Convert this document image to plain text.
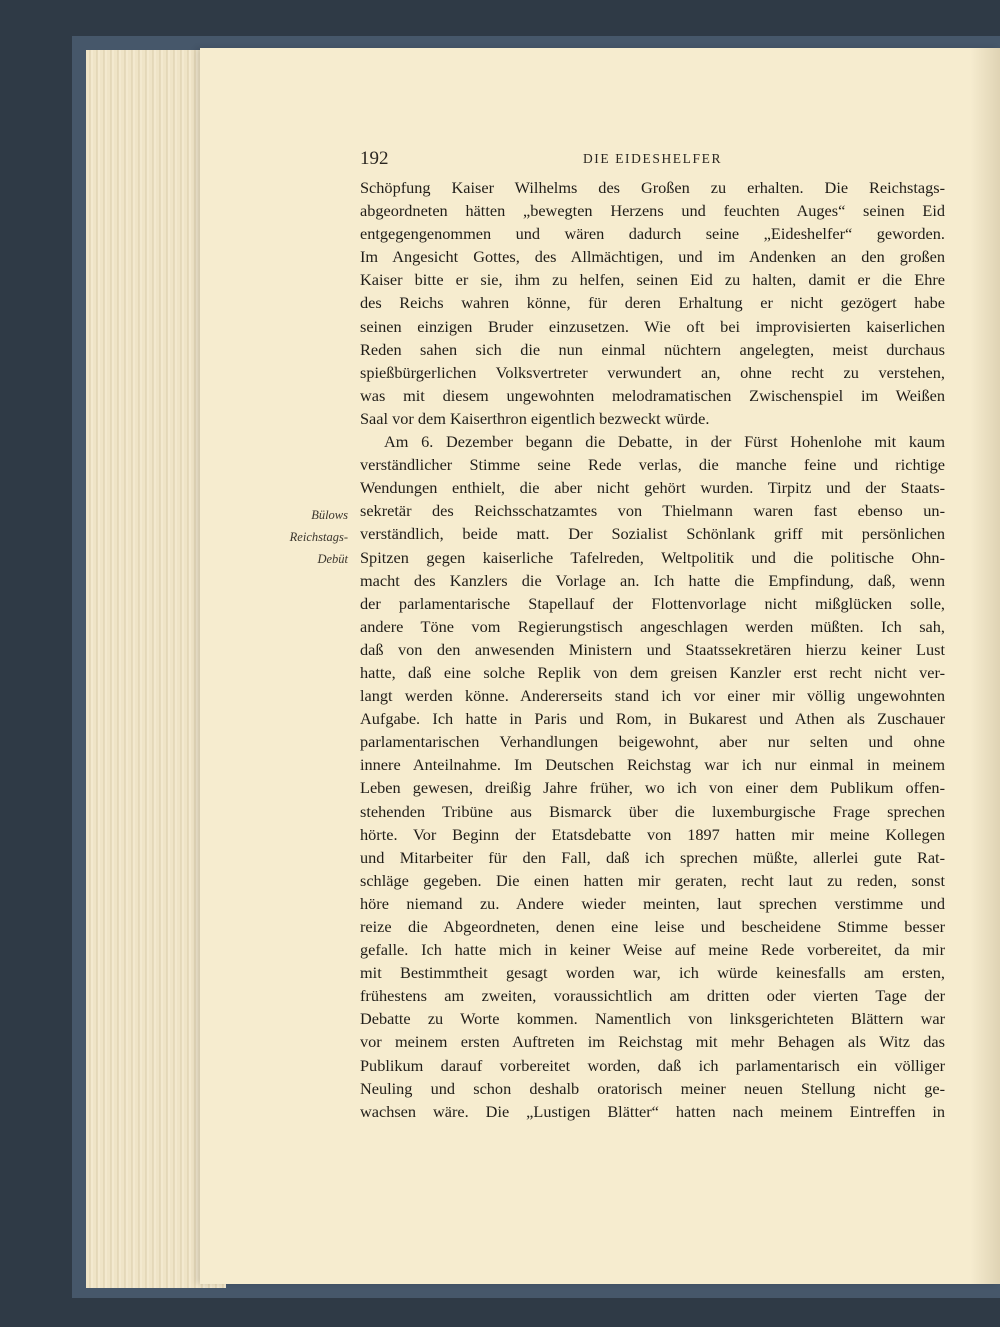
192	DIE EIDESHELFER
Bülows
Reichstags-
Debüt
Schöpfung Kaiser Wilhelms des Großen zu erhalten. Die Reichstags-
abgeordneten hätten „bewegten Herzens und feuchten Auges“ seinen Eid
entgegengenommen und wären dadurch seine „Eideshelfer“ geworden.
Im Angesicht Gottes, des Allmächtigen, und im Andenken an den großen
Kaiser bitte er sie, ihm zu helfen, seinen Eid zu halten, damit er die Ehre
des Reichs wahren könne, für deren Erhaltung er nicht gezögert habe
seinen einzigen Bruder einzusetzen. Wie oft bei improvisierten kaiserlichen
Reden sahen sich die nun einmal nüchtern angelegten, meist durchaus
spießbürgerlichen Volksvertreter verwundert an, ohne recht zu verstehen,
was mit diesem ungewohnten melodramatischen Zwischenspiel im Weißen
Saal vor dem Kaiserthron eigentlich bezweckt würde.
Am 6. Dezember begann die Debatte, in der Fürst Hohenlohe mit kaum
verständlicher Stimme seine Rede verlas, die manche feine und richtige
Wendungen enthielt, die aber nicht gehört wurden. Tirpitz und der Staats-
sekretär des Reichsschatzamtes von Thielmann waren fast ebenso un-
verständlich, beide matt. Der Sozialist Schönlank griff mit persönlichen
Spitzen gegen kaiserliche Tafelreden, Weltpolitik und die politische Ohn-
macht des Kanzlers die Vorlage an. Ich hatte die Empfindung, daß, wenn
der parlamentarische Stapellauf der Flottenvorlage nicht mißglücken solle,
andere Töne vom Regierungstisch angeschlagen werden müßten. Ich sah,
daß von den anwesenden Ministern und Staatssekretären hierzu keiner Lust
hatte, daß eine solche Replik von dem greisen Kanzler erst recht nicht ver-
langt werden könne. Andererseits stand ich vor einer mir völlig ungewohnten
Aufgabe. Ich hatte in Paris und Rom, in Bukarest und Athen als Zuschauer
parlamentarischen Verhandlungen beigewohnt, aber nur selten und ohne
innere Anteilnahme. Im Deutschen Reichstag war ich nur einmal in meinem
Leben gewesen, dreißig Jahre früher, wo ich von einer dem Publikum offen-
stehenden Tribüne aus Bismarck über die luxemburgische Frage sprechen
hörte. Vor Beginn der Etatsdebatte von 1897 hatten mir meine Kollegen
und Mitarbeiter für den Fall, daß ich sprechen müßte, allerlei gute Rat-
schläge gegeben. Die einen hatten mir geraten, recht laut zu reden, sonst
höre niemand zu. Andere wieder meinten, laut sprechen verstimme und
reize die Abgeordneten, denen eine leise und bescheidene Stimme besser
gefalle. Ich hatte mich in keiner Weise auf meine Rede vorbereitet, da mir
mit Bestimmtheit gesagt worden war, ich würde keinesfalls am ersten,
frühestens am zweiten, voraussichtlich am dritten oder vierten Tage der
Debatte zu Worte kommen. Namentlich von linksgerichteten Blättern war
vor meinem ersten Auftreten im Reichstag mit mehr Behagen als Witz das
Publikum darauf vorbereitet worden, daß ich parlamentarisch ein völliger
Neuling und schon deshalb oratorisch meiner neuen Stellung nicht ge-
wachsen wäre. Die „Lustigen Blätter“ hatten nach meinem Eintreffen in
